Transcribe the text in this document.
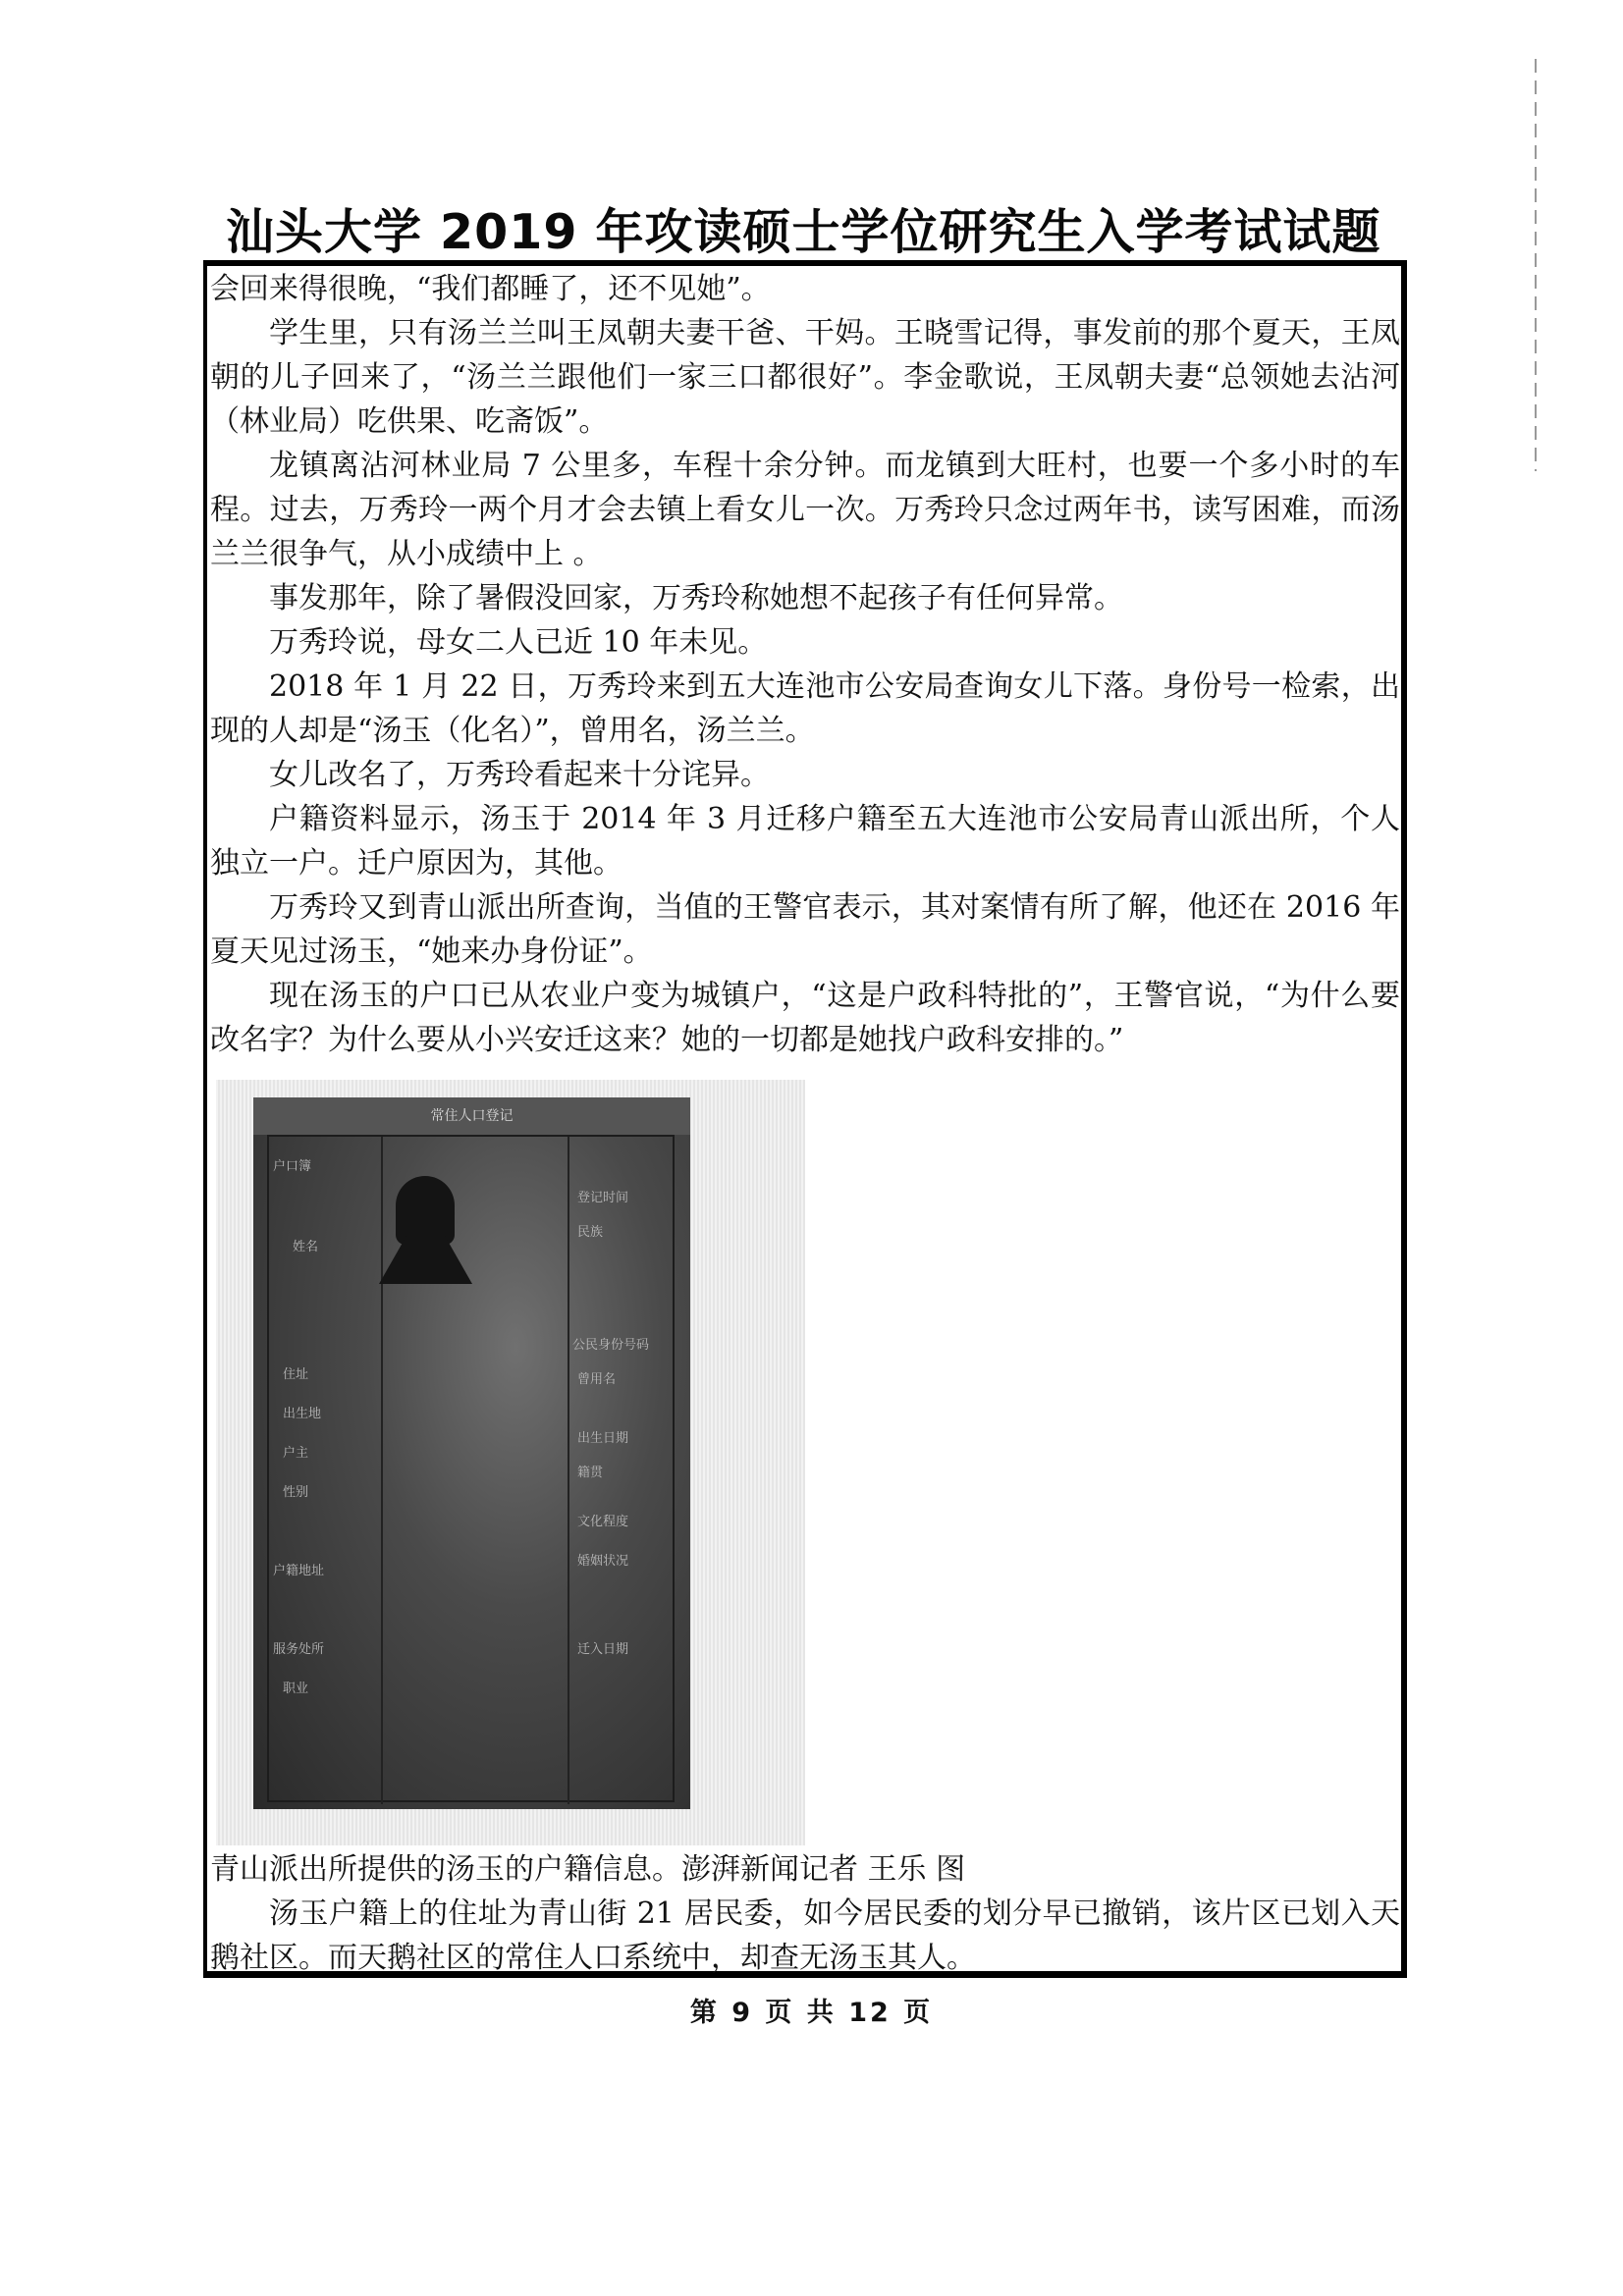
汕头大学 2019 年攻读硕士学位研究生入学考试试题

会回来得很晚，“我们都睡了，还不见她”。

学生里，只有汤兰兰叫王凤朝夫妻干爸、干妈。王晓雪记得，事发前的那个夏天，王凤朝的儿子回来了，“汤兰兰跟他们一家三口都很好”。李金歌说，王凤朝夫妻“总领她去沾河（林业局）吃供果、吃斋饭”。

龙镇离沾河林业局 7 公里多，车程十余分钟。而龙镇到大旺村，也要一个多小时的车程。过去，万秀玲一两个月才会去镇上看女儿一次。万秀玲只念过两年书，读写困难，而汤兰兰很争气，从小成绩中上 。

事发那年，除了暑假没回家，万秀玲称她想不起孩子有任何异常。

万秀玲说，母女二人已近 10 年未见。

2018 年 1 月 22 日，万秀玲来到五大连池市公安局查询女儿下落。身份号一检索，出现的人却是“汤玉（化名）”，曾用名，汤兰兰。

女儿改名了，万秀玲看起来十分诧异。

户籍资料显示，汤玉于 2014 年 3 月迁移户籍至五大连池市公安局青山派出所，个人独立一户。迁户原因为，其他。

万秀玲又到青山派出所查询，当值的王警官表示，其对案情有所了解，他还在 2016 年夏天见过汤玉，“她来办身份证”。

现在汤玉的户口已从农业户变为城镇户，“这是户政科特批的”，王警官说，“为什么要改名字？为什么要从小兴安迁这来？她的一切都是她找户政科安排的。”

常住人口登记
户口簿
姓名
住址
出生地
户主
性别
户籍地址
服务处所
职业
登记时间
民族
公民身份号码
曾用名
出生日期
籍贯
文化程度
婚姻状况
迁入日期

青山派出所提供的汤玉的户籍信息。澎湃新闻记者 王乐 图

汤玉户籍上的住址为青山街 21 居民委，如今居民委的划分早已撤销，该片区已划入天鹅社区。而天鹅社区的常住人口系统中，却查无汤玉其人。

第 9 页 共 12 页
